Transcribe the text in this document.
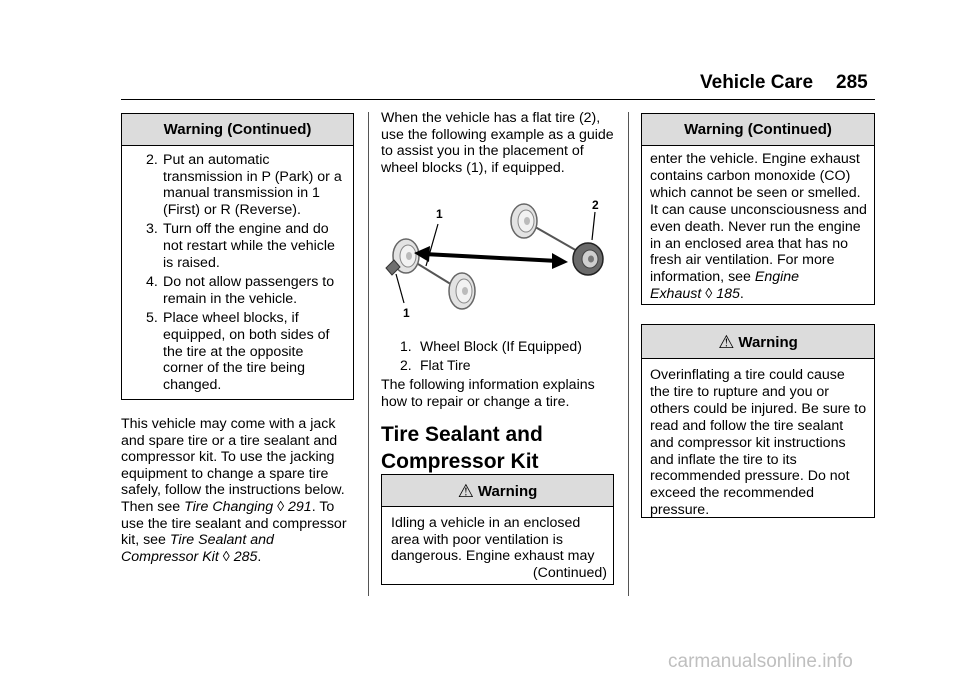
Vehicle Care 285
Warning (Continued)
2. Put an automatic transmission in P (Park) or a manual transmission in 1 (First) or R (Reverse).
3. Turn off the engine and do not restart while the vehicle is raised.
4. Do not allow passengers to remain in the vehicle.
5. Place wheel blocks, if equipped, on both sides of the tire at the opposite corner of the tire being changed.
This vehicle may come with a jack and spare tire or a tire sealant and compressor kit. To use the jacking equipment to change a spare tire safely, follow the instructions below. Then see Tire Changing ◊ 291. To use the tire sealant and compressor kit, see Tire Sealant and Compressor Kit ◊ 285.
When the vehicle has a flat tire (2), use the following example as a guide to assist you in the placement of wheel blocks (1), if equipped.
1
1
2
1. Wheel Block (If Equipped)
2. Flat Tire
The following information explains how to repair or change a tire.
Tire Sealant and Compressor Kit
⚠ Warning
Idling a vehicle in an enclosed area with poor ventilation is dangerous. Engine exhaust may
(Continued)
Warning (Continued)
enter the vehicle. Engine exhaust contains carbon monoxide (CO) which cannot be seen or smelled. It can cause unconsciousness and even death. Never run the engine in an enclosed area that has no fresh air ventilation. For more information, see Engine Exhaust ◊ 185.
⚠ Warning
Overinflating a tire could cause the tire to rupture and you or others could be injured. Be sure to read and follow the tire sealant and compressor kit instructions and inflate the tire to its recommended pressure. Do not exceed the recommended pressure.
carmanualsonline.info
